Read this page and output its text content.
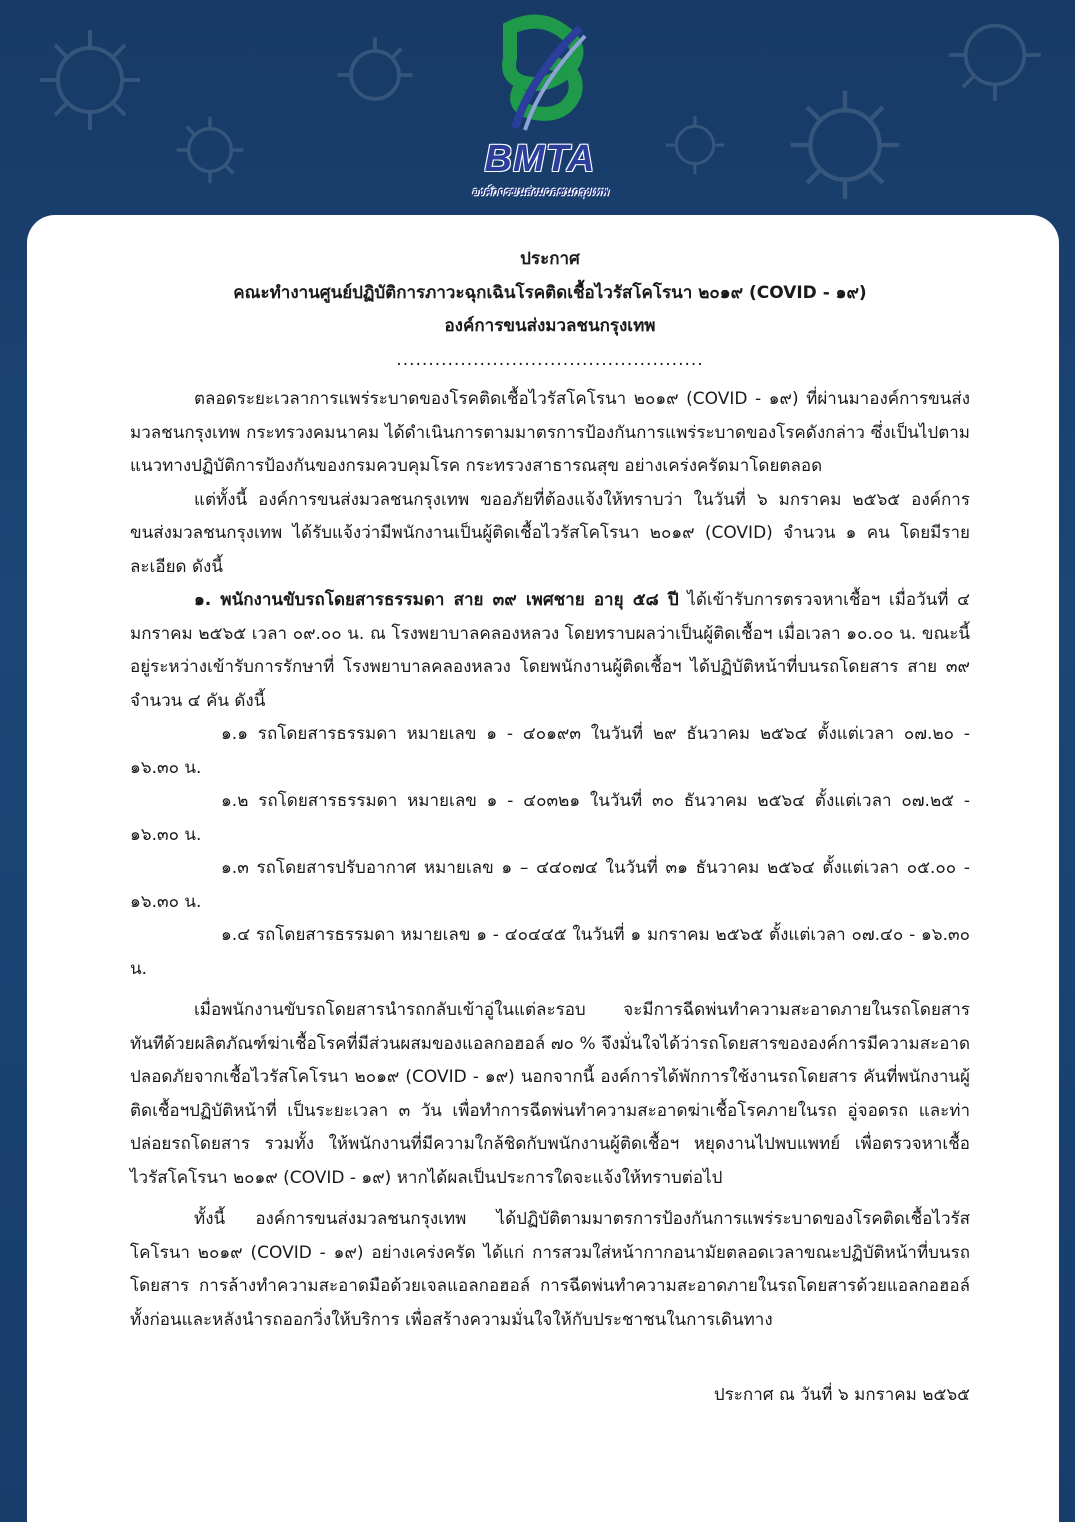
BMTA
องค์การขนส่งมวลชนกรุงเทพ

ประกาศ

คณะทำงานศูนย์ปฏิบัติการภาวะฉุกเฉินโรคติดเชื้อไวรัสโคโรนา ๒๐๑๙ (COVID - ๑๙)

องค์การขนส่งมวลชนกรุงเทพ

................................................

ตลอดระยะเวลาการแพร่ระบาดของโรคติดเชื้อไวรัสโคโรนา ๒๐๑๙ (COVID - ๑๙) ที่ผ่านมาองค์การขนส่งมวลชนกรุงเทพ กระทรวงคมนาคม ได้ดำเนินการตามมาตรการป้องกันการแพร่ระบาดของโรคดังกล่าว ซึ่งเป็นไปตามแนวทางปฏิบัติการป้องกันของกรมควบคุมโรค กระทรวงสาธารณสุข อย่างเคร่งครัดมาโดยตลอด

แต่ทั้งนี้ องค์การขนส่งมวลชนกรุงเทพ ขออภัยที่ต้องแจ้งให้ทราบว่า ในวันที่ ๖ มกราคม ๒๕๖๕ องค์การขนส่งมวลชนกรุงเทพ ได้รับแจ้งว่ามีพนักงานเป็นผู้ติดเชื้อไวรัสโคโรนา ๒๐๑๙ (COVID) จำนวน ๑ คน โดยมีรายละเอียด ดังนี้

๑. พนักงานขับรถโดยสารธรรมดา สาย ๓๙ เพศชาย อายุ ๕๘ ปี ได้เข้ารับการตรวจหาเชื้อฯ เมื่อวันที่ ๔ มกราคม ๒๕๖๕ เวลา ๐๙.๐๐ น. ณ โรงพยาบาลคลองหลวง โดยทราบผลว่าเป็นผู้ติดเชื้อฯ เมื่อเวลา ๑๐.๐๐ น. ขณะนี้อยู่ระหว่างเข้ารับการรักษาที่ โรงพยาบาลคลองหลวง โดยพนักงานผู้ติดเชื้อฯ ได้ปฏิบัติหน้าที่บนรถโดยสาร สาย ๓๙ จำนวน ๔ คัน ดังนี้

๑.๑ รถโดยสารธรรมดา หมายเลข ๑ - ๔๐๑๙๓ ในวันที่ ๒๙ ธันวาคม ๒๕๖๔ ตั้งแต่เวลา ๐๗.๒๐ - ๑๖.๓๐ น.

๑.๒ รถโดยสารธรรมดา หมายเลข ๑ - ๔๐๓๒๑ ในวันที่ ๓๐ ธันวาคม ๒๕๖๔ ตั้งแต่เวลา ๐๗.๒๕ - ๑๖.๓๐ น.

๑.๓ รถโดยสารปรับอากาศ หมายเลข ๑ – ๔๔๐๗๔ ในวันที่ ๓๑ ธันวาคม ๒๕๖๔ ตั้งแต่เวลา ๐๕.๐๐ - ๑๖.๓๐ น.

๑.๔ รถโดยสารธรรมดา หมายเลข ๑ - ๔๐๔๔๕ ในวันที่ ๑ มกราคม ๒๕๖๕ ตั้งแต่เวลา ๐๗.๔๐ - ๑๖.๓๐ น.

เมื่อพนักงานขับรถโดยสารนำรถกลับเข้าอู่ในแต่ละรอบ จะมีการฉีดพ่นทำความสะอาดภายในรถโดยสารทันทีด้วยผลิตภัณฑ์ฆ่าเชื้อโรคที่มีส่วนผสมของแอลกอฮอล์ ๗๐ % จึงมั่นใจได้ว่ารถโดยสารขององค์การมีความสะอาด ปลอดภัยจากเชื้อไวรัสโคโรนา ๒๐๑๙ (COVID - ๑๙) นอกจากนี้ องค์การได้พักการใช้งานรถโดยสาร คันที่พนักงานผู้ติดเชื้อฯปฏิบัติหน้าที่ เป็นระยะเวลา ๓ วัน เพื่อทำการฉีดพ่นทำความสะอาดฆ่าเชื้อโรคภายในรถ อู่จอดรถ และท่าปล่อยรถโดยสาร รวมทั้ง ให้พนักงานที่มีความใกล้ชิดกับพนักงานผู้ติดเชื้อฯ หยุดงานไปพบแพทย์ เพื่อตรวจหาเชื้อไวรัสโคโรนา ๒๐๑๙ (COVID - ๑๙) หากได้ผลเป็นประการใดจะแจ้งให้ทราบต่อไป

ทั้งนี้ องค์การขนส่งมวลชนกรุงเทพ ได้ปฏิบัติตามมาตรการป้องกันการแพร่ระบาดของโรคติดเชื้อไวรัสโคโรนา ๒๐๑๙ (COVID - ๑๙) อย่างเคร่งครัด ได้แก่ การสวมใส่หน้ากากอนามัยตลอดเวลาขณะปฏิบัติหน้าที่บนรถโดยสาร การล้างทำความสะอาดมือด้วยเจลแอลกอฮอล์ การฉีดพ่นทำความสะอาดภายในรถโดยสารด้วยแอลกอฮอล์ ทั้งก่อนและหลังนำรถออกวิ่งให้บริการ เพื่อสร้างความมั่นใจให้กับประชาชนในการเดินทาง

ประกาศ ณ วันที่ ๖ มกราคม ๒๕๖๕
